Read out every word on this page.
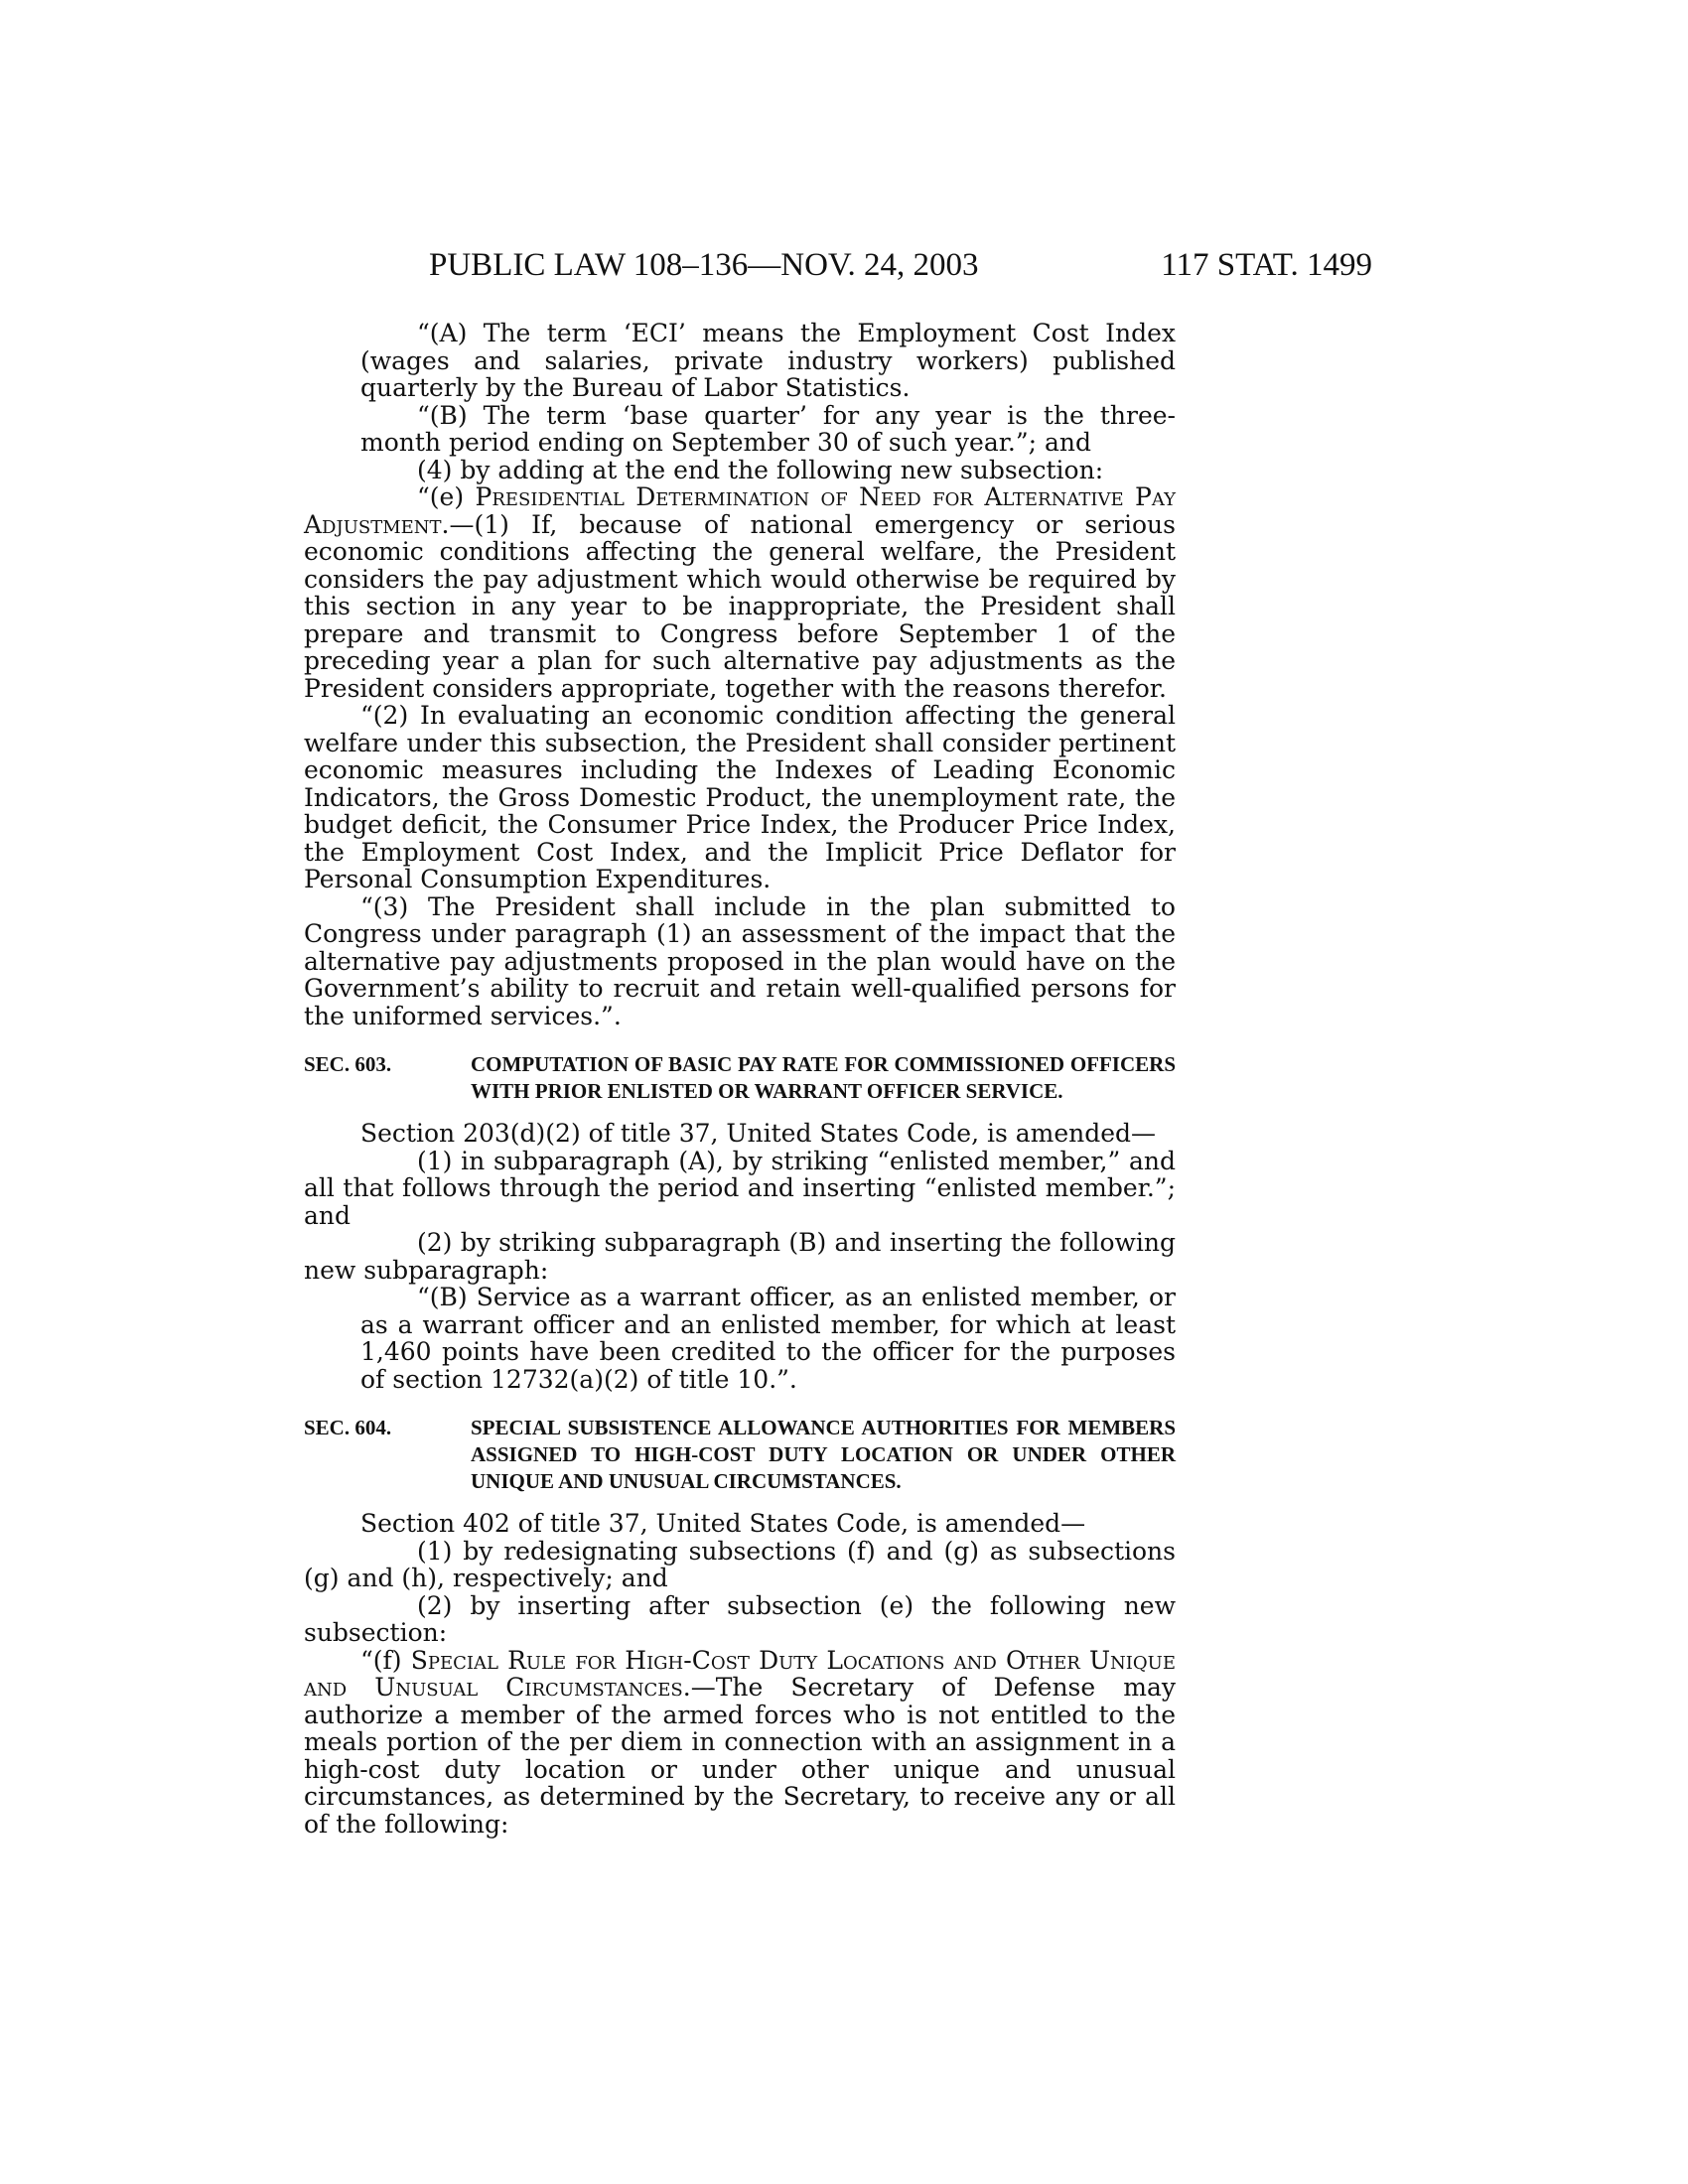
PUBLIC LAW 108–136—NOV. 24, 2003	117 STAT. 1499

“(A) The term ‘ECI’ means the Employment Cost Index (wages and salaries, private industry workers) published quarterly by the Bureau of Labor Statistics.

“(B) The term ‘base quarter’ for any year is the three-month period ending on September 30 of such year.”; and

(4) by adding at the end the following new subsection:

“(e) Presidential Determination of Need for Alternative Pay Adjustment.—(1) If, because of national emergency or serious economic conditions affecting the general welfare, the President considers the pay adjustment which would otherwise be required by this section in any year to be inappropriate, the President shall prepare and transmit to Congress before September 1 of the preceding year a plan for such alternative pay adjustments as the President considers appropriate, together with the reasons therefor.

“(2) In evaluating an economic condition affecting the general welfare under this subsection, the President shall consider pertinent economic measures including the Indexes of Leading Economic Indicators, the Gross Domestic Product, the unemployment rate, the budget deficit, the Consumer Price Index, the Producer Price Index, the Employment Cost Index, and the Implicit Price Deflator for Personal Consumption Expenditures.

“(3) The President shall include in the plan submitted to Congress under paragraph (1) an assessment of the impact that the alternative pay adjustments proposed in the plan would have on the Government’s ability to recruit and retain well-qualified persons for the uniformed services.”.

SEC. 603.	COMPUTATION OF BASIC PAY RATE FOR COMMISSIONED OFFICERS WITH PRIOR ENLISTED OR WARRANT OFFICER SERVICE.

Section 203(d)(2) of title 37, United States Code, is amended—

(1) in subparagraph (A), by striking “enlisted member,” and all that follows through the period and inserting “enlisted member.”; and

(2) by striking subparagraph (B) and inserting the following new subparagraph:

“(B) Service as a warrant officer, as an enlisted member, or as a warrant officer and an enlisted member, for which at least 1,460 points have been credited to the officer for the purposes of section 12732(a)(2) of title 10.”.

SEC. 604.	SPECIAL SUBSISTENCE ALLOWANCE AUTHORITIES FOR MEMBERS ASSIGNED TO HIGH-COST DUTY LOCATION OR UNDER OTHER UNIQUE AND UNUSUAL CIRCUMSTANCES.

Section 402 of title 37, United States Code, is amended—

(1) by redesignating subsections (f) and (g) as subsections (g) and (h), respectively; and

(2) by inserting after subsection (e) the following new subsection:

“(f) Special Rule for High-Cost Duty Locations and Other Unique and Unusual Circumstances.—The Secretary of Defense may authorize a member of the armed forces who is not entitled to the meals portion of the per diem in connection with an assignment in a high-cost duty location or under other unique and unusual circumstances, as determined by the Secretary, to receive any or all of the following:
